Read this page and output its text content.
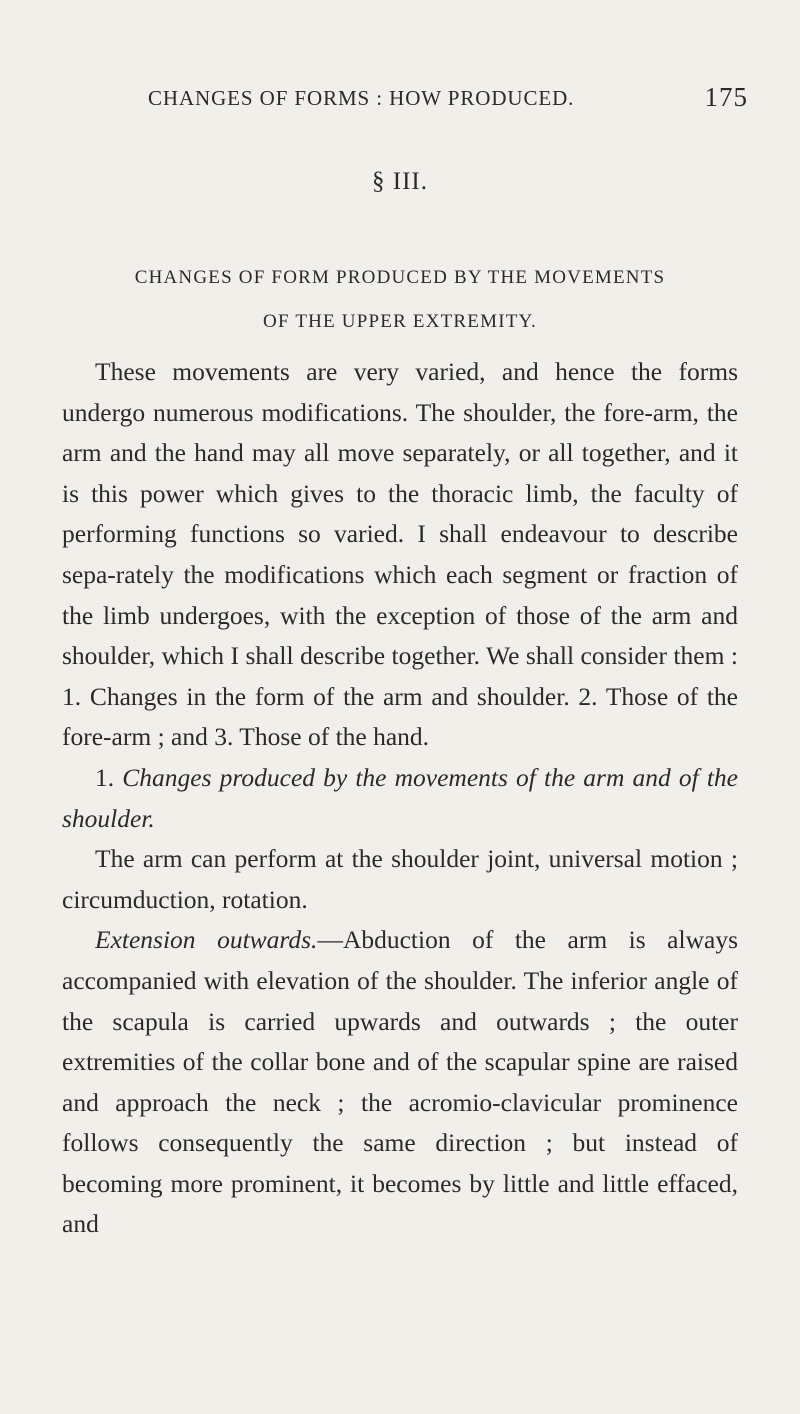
CHANGES OF FORMS : HOW PRODUCED.	175
§ III.
CHANGES OF FORM PRODUCED BY THE MOVEMENTS
OF THE UPPER EXTREMITY.

These movements are very varied, and hence the forms undergo numerous modifications. The shoulder, the fore-arm, the arm and the hand may all move separately, or all together, and it is this power which gives to the thoracic limb, the faculty of performing functions so varied. I shall endeavour to describe sepa-rately the modifications which each segment or fraction of the limb undergoes, with the exception of those of the arm and shoulder, which I shall describe together. We shall consider them : 1. Changes in the form of the arm and shoulder. 2. Those of the fore-arm ; and 3. Those of the hand.

1. Changes produced by the movements of the arm and of the shoulder.

The arm can perform at the shoulder joint, universal motion ; circumduction, rotation.

Extension outwards.—Abduction of the arm is always accompanied with elevation of the shoulder. The inferior angle of the scapula is carried upwards and outwards ; the outer extremities of the collar bone and of the scapular spine are raised and approach the neck ; the acromio-clavicular prominence follows consequently the same direction ; but instead of becoming more prominent, it becomes by little and little effaced, and
